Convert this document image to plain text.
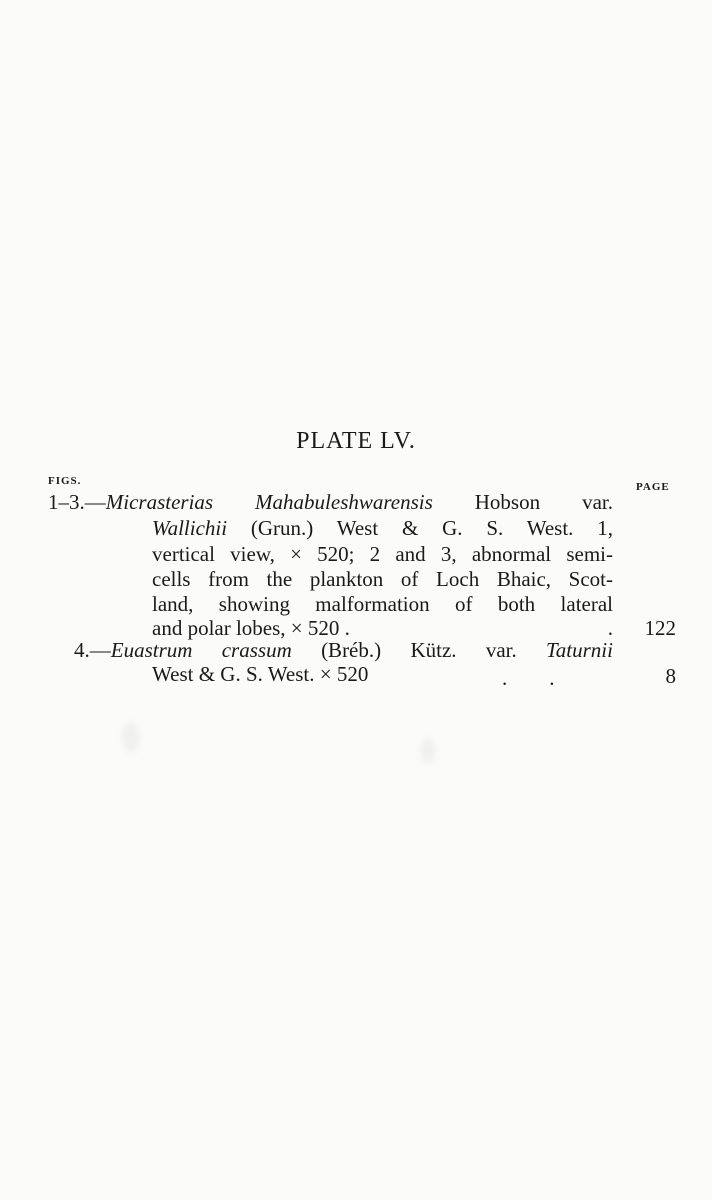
PLATE LV.
FIGS.	PAGE
1–3.—Micrasterias Mahabuleshwarensis Hobson var.
Wallichii (Grun.) West & G. S. West. 1,
vertical view, × 520; 2 and 3, abnormal semi-
cells from the plankton of Loch Bhaic, Scot-
land, showing malformation of both lateral
and polar lobes, × 520 .	.	122
4.—Euastrum crassum (Bréb.) Kütz. var. Taturnii
West & G. S. West. × 520	.        .	8
